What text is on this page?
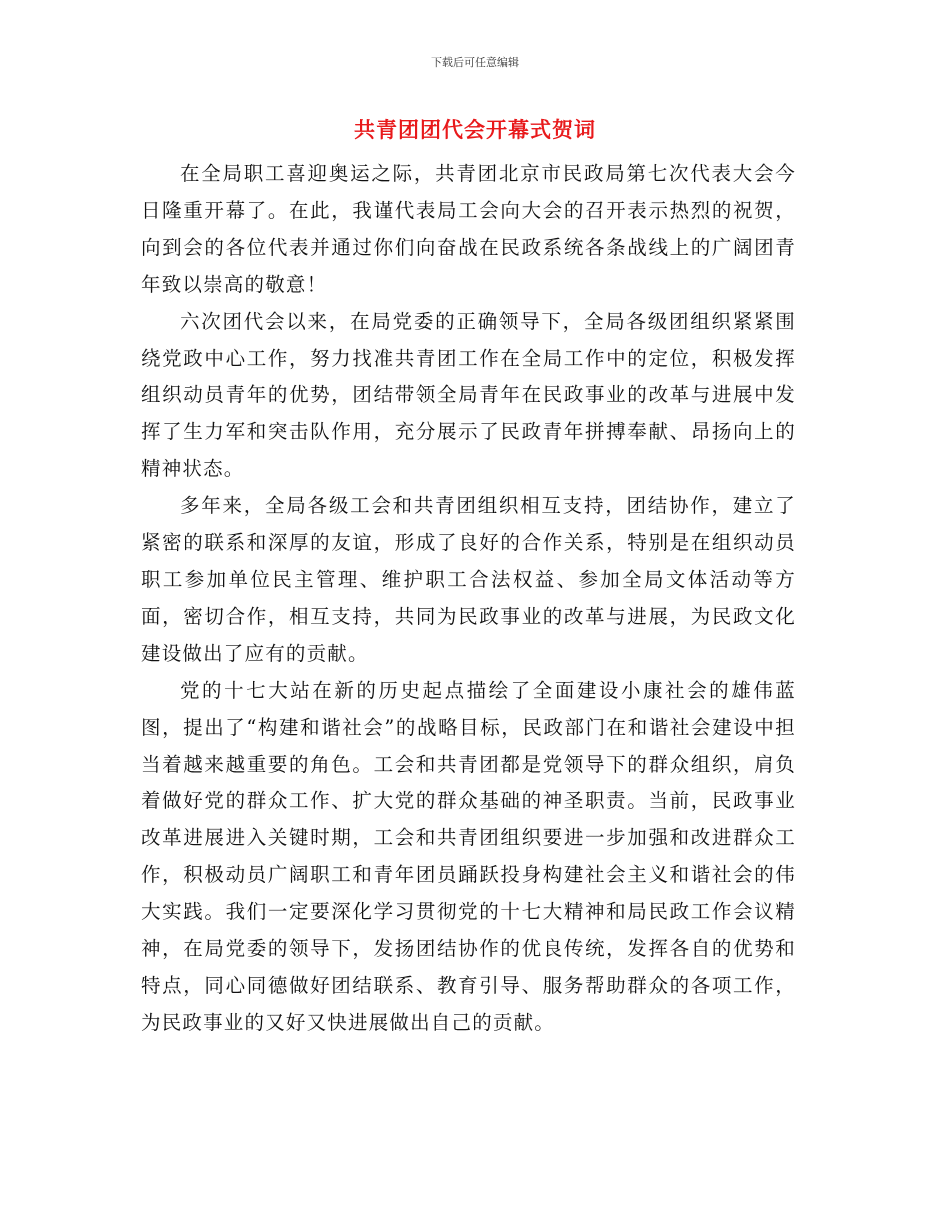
下载后可任意编辑
共青团团代会开幕式贺词

在全局职工喜迎奥运之际，共青团北京市民政局第七次代表大会今日隆重开幕了。在此，我谨代表局工会向大会的召开表示热烈的祝贺，向到会的各位代表并通过你们向奋战在民政系统各条战线上的广阔团青年致以崇高的敬意！

六次团代会以来，在局党委的正确领导下，全局各级团组织紧紧围绕党政中心工作，努力找准共青团工作在全局工作中的定位，积极发挥组织动员青年的优势，团结带领全局青年在民政事业的改革与进展中发挥了生力军和突击队作用，充分展示了民政青年拼搏奉献、昂扬向上的精神状态。

多年来，全局各级工会和共青团组织相互支持，团结协作，建立了紧密的联系和深厚的友谊，形成了良好的合作关系，特别是在组织动员职工参加单位民主管理、维护职工合法权益、参加全局文体活动等方面，密切合作，相互支持，共同为民政事业的改革与进展，为民政文化建设做出了应有的贡献。

党的十七大站在新的历史起点描绘了全面建设小康社会的雄伟蓝图，提出了“构建和谐社会”的战略目标，民政部门在和谐社会建设中担当着越来越重要的角色。工会和共青团都是党领导下的群众组织，肩负着做好党的群众工作、扩大党的群众基础的神圣职责。当前，民政事业改革进展进入关键时期，工会和共青团组织要进一步加强和改进群众工作，积极动员广阔职工和青年团员踊跃投身构建社会主义和谐社会的伟大实践。我们一定要深化学习贯彻党的十七大精神和局民政工作会议精神，在局党委的领导下，发扬团结协作的优良传统，发挥各自的优势和特点，同心同德做好团结联系、教育引导、服务帮助群众的各项工作，为民政事业的又好又快进展做出自己的贡献。
